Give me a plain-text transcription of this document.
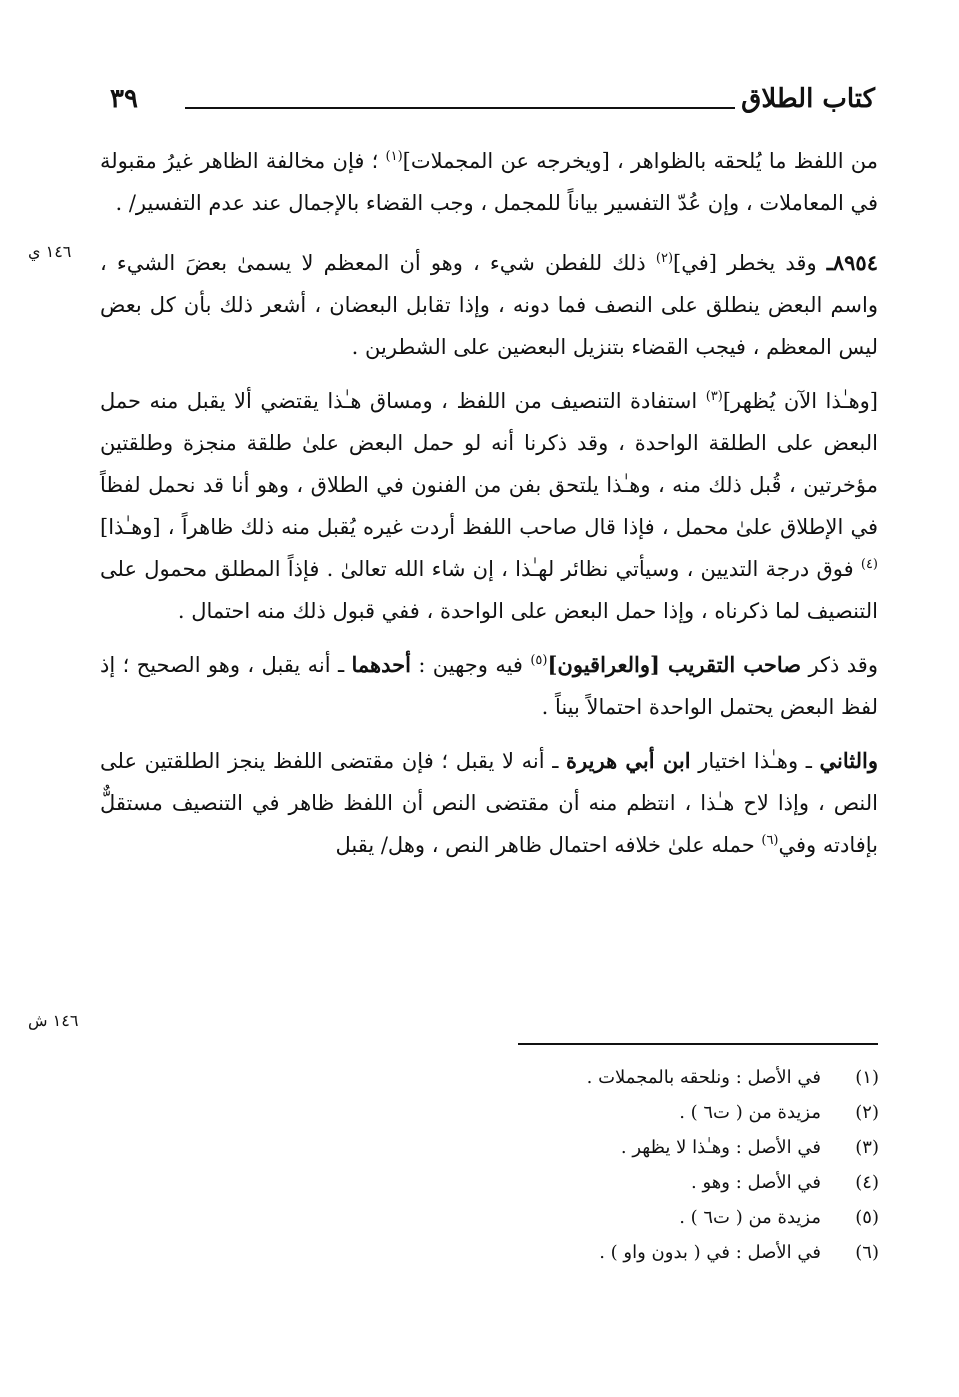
كتاب الطلاق
٣٩
١٤٦ ي
١٤٦ ش
من اللفظ ما يُلحقه بالظواهر ، [ويخرجه عن المجملات]$^{(١)}$ ؛ فإن مخالفة الظاهر غيرُ مقبولة في المعاملات ، وإن عُدّ التفسير بياناً للمجمل ، وجب القضاء بالإجمال عند عدم التفسير/ .
٨٩٥٤ـ وقد يخطر [في]$^{(٢)}$ ذلك للفطن شيء ، وهو أن المعظم لا يسمىٰ بعضَ الشيء ، واسم البعض ينطلق على النصف فما دونه ، وإذا تقابل البعضان ، أشعر ذلك بأن كل بعض ليس المعظم ، فيجب القضاء بتنزيل البعضين على الشطرين .
[وهـٰذا الآن يُظهر]$^{(٣)}$ استفادة التنصيف من اللفظ ، ومساق هـٰذا يقتضي ألا يقبل منه حمل البعض على الطلقة الواحدة ، وقد ذكرنا أنه لو حمل البعض علىٰ طلقة منجزة وطلقتين مؤخرتين ، قُبل ذلك منه ، وهـٰذا يلتحق بفن من الفنون في الطلاق ، وهو أنا قد نحمل لفظاً في الإطلاق علىٰ محمل ، فإذا قال صاحب اللفظ أردت غيره يُقبل منه ذلك ظاهراً ، [وهـٰذا]$^{(٤)}$ فوق درجة التديين ، وسيأتي نظائر لهـٰذا ، إن شاء الله تعالىٰ . فإذاً المطلق محمول على التنصيف لما ذكرناه ، وإذا حمل البعض على الواحدة ، ففي قبول ذلك منه احتمال .
وقد ذكر صاحب التقريب [والعراقيون]$^{(٥)}$ فيه وجهين : أحدهما ـ أنه يقبل ، وهو الصحيح ؛ إذ لفظ البعض يحتمل الواحدة احتمالاً بيناً .
والثاني ـ وهـٰذا اختيار ابن أبي هريرة ـ أنه لا يقبل ؛ فإن مقتضى اللفظ ينجز الطلقتين على النص ، وإذا لاح هـٰذا ، انتظم منه أن مقتضى النص أن اللفظ ظاهر في التنصيف مستقلٌّ بإفادته وفي$^{(٦)}$ حمله علىٰ خلافه احتمال ظاهر النص ، وهل/ يقبل
(١)
في الأصل : ونلحقه بالمجملات .
(٢)
مزيدة من ( ت٦ ) .
(٣)
في الأصل : وهـٰذا لا يظهر .
(٤)
في الأصل : وهو .
(٥)
مزيدة من ( ت٦ ) .
(٦)
في الأصل : في ( بدون واو ) .
